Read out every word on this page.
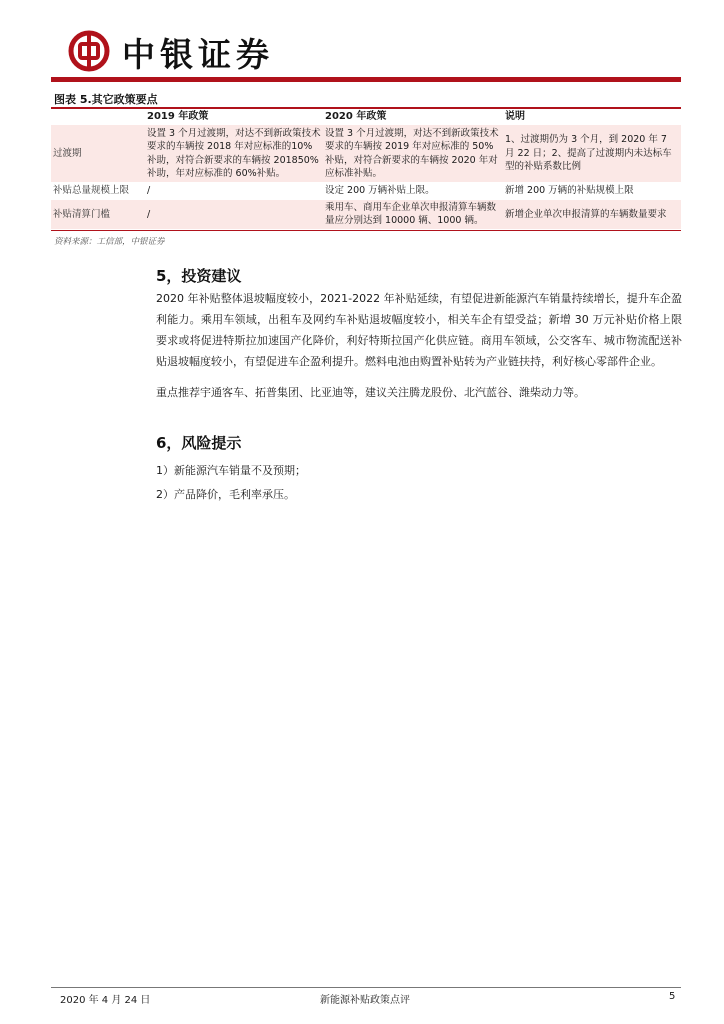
中银证券
图表 5.其它政策要点
	2019 年政策	2020 年政策	说明
过渡期	设置 3 个月过渡期，对达不到新政策技术要求的车辆按 2018 年对应标准的10%补助，对符合新要求的车辆按 201850%补助，年对应标准的 60%补贴。	设置 3 个月过渡期，对达不到新政策技术要求的车辆按 2019 年对应标准的 50%补贴，对符合新要求的车辆按 2020 年对应标准补贴。	1、过渡期仍为 3 个月，到 2020 年 7 月 22 日；2、提高了过渡期内未达标车型的补贴系数比例
补贴总量规模上限	/	设定 200 万辆补贴上限。	新增 200 万辆的补贴规模上限
补贴清算门槛	/	乘用车、商用车企业单次申报清算车辆数量应分别达到 10000 辆、1000 辆。	新增企业单次申报清算的车辆数量要求
资料来源：工信部，中银证券
5，投资建议
2020 年补贴整体退坡幅度较小，2021-2022 年补贴延续，有望促进新能源汽车销量持续增长，提升车企盈利能力。乘用车领域，出租车及网约车补贴退坡幅度较小，相关车企有望受益；新增 30 万元补贴价格上限要求或将促进特斯拉加速国产化降价，利好特斯拉国产化供应链。商用车领域，公交客车、城市物流配送补贴退坡幅度较小，有望促进车企盈利提升。燃料电池由购置补贴转为产业链扶持，利好核心零部件企业。
重点推荐宇通客车、拓普集团、比亚迪等，建议关注腾龙股份、北汽蓝谷、潍柴动力等。
6，风险提示
1）新能源汽车销量不及预期；
2）产品降价，毛利率承压。
2020 年 4 月 24 日	新能源补贴政策点评	5
